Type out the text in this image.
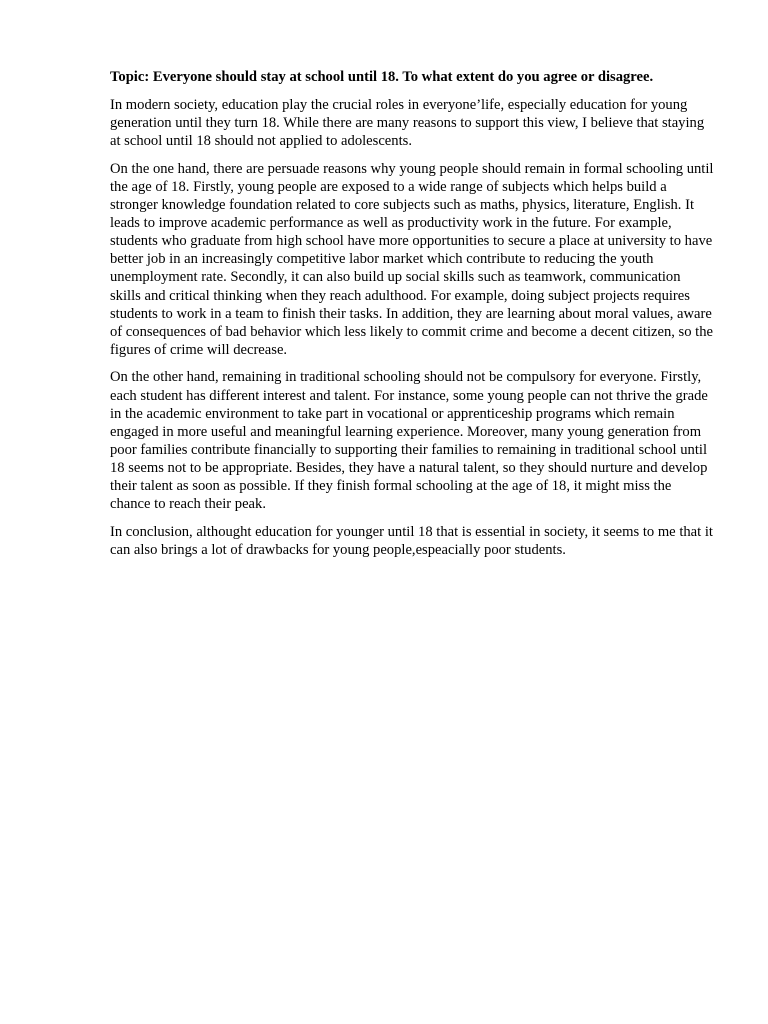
Topic: Everyone should stay at school until 18. To what extent do you agree or disagree.

In modern society, education play the crucial roles in everyone’life, especially education for young generation until they turn 18. While there are many reasons to support this view, I believe that staying at school until 18 should not applied to adolescents.

On the one hand, there are persuade reasons why young people should remain in formal schooling until the age of 18. Firstly, young people are exposed to a wide range of subjects which helps build a stronger knowledge foundation related to core subjects such as maths, physics, literature, English. It leads to improve academic performance as well as productivity work in the future. For example, students who graduate from high school have more opportunities to secure a place at university to have better job in an increasingly competitive labor market which contribute to reducing the youth unemployment rate. Secondly, it can also build up social skills such as teamwork, communication skills and critical thinking when they reach adulthood. For example, doing subject projects requires students to work in a team to finish their tasks. In addition, they are learning about moral values, aware of consequences of bad behavior which less likely to commit crime and become a decent citizen, so the figures of crime will decrease.

On the other hand, remaining in traditional schooling should not be compulsory for everyone. Firstly, each student has different interest and talent. For instance, some young people can not thrive the grade in the academic environment to take part in vocational or apprenticeship programs which remain engaged in more useful and meaningful learning experience. Moreover, many young generation from poor families contribute financially to supporting their families to remaining in traditional school until 18 seems not to be appropriate. Besides, they have a natural talent, so they should nurture and develop their talent as soon as possible. If they finish formal schooling at the age of 18, it might miss the chance to reach their peak.

In conclusion, althought education for younger until 18 that is essential in society, it seems to me that it can also brings a lot of drawbacks for young people,espeacially poor students.
